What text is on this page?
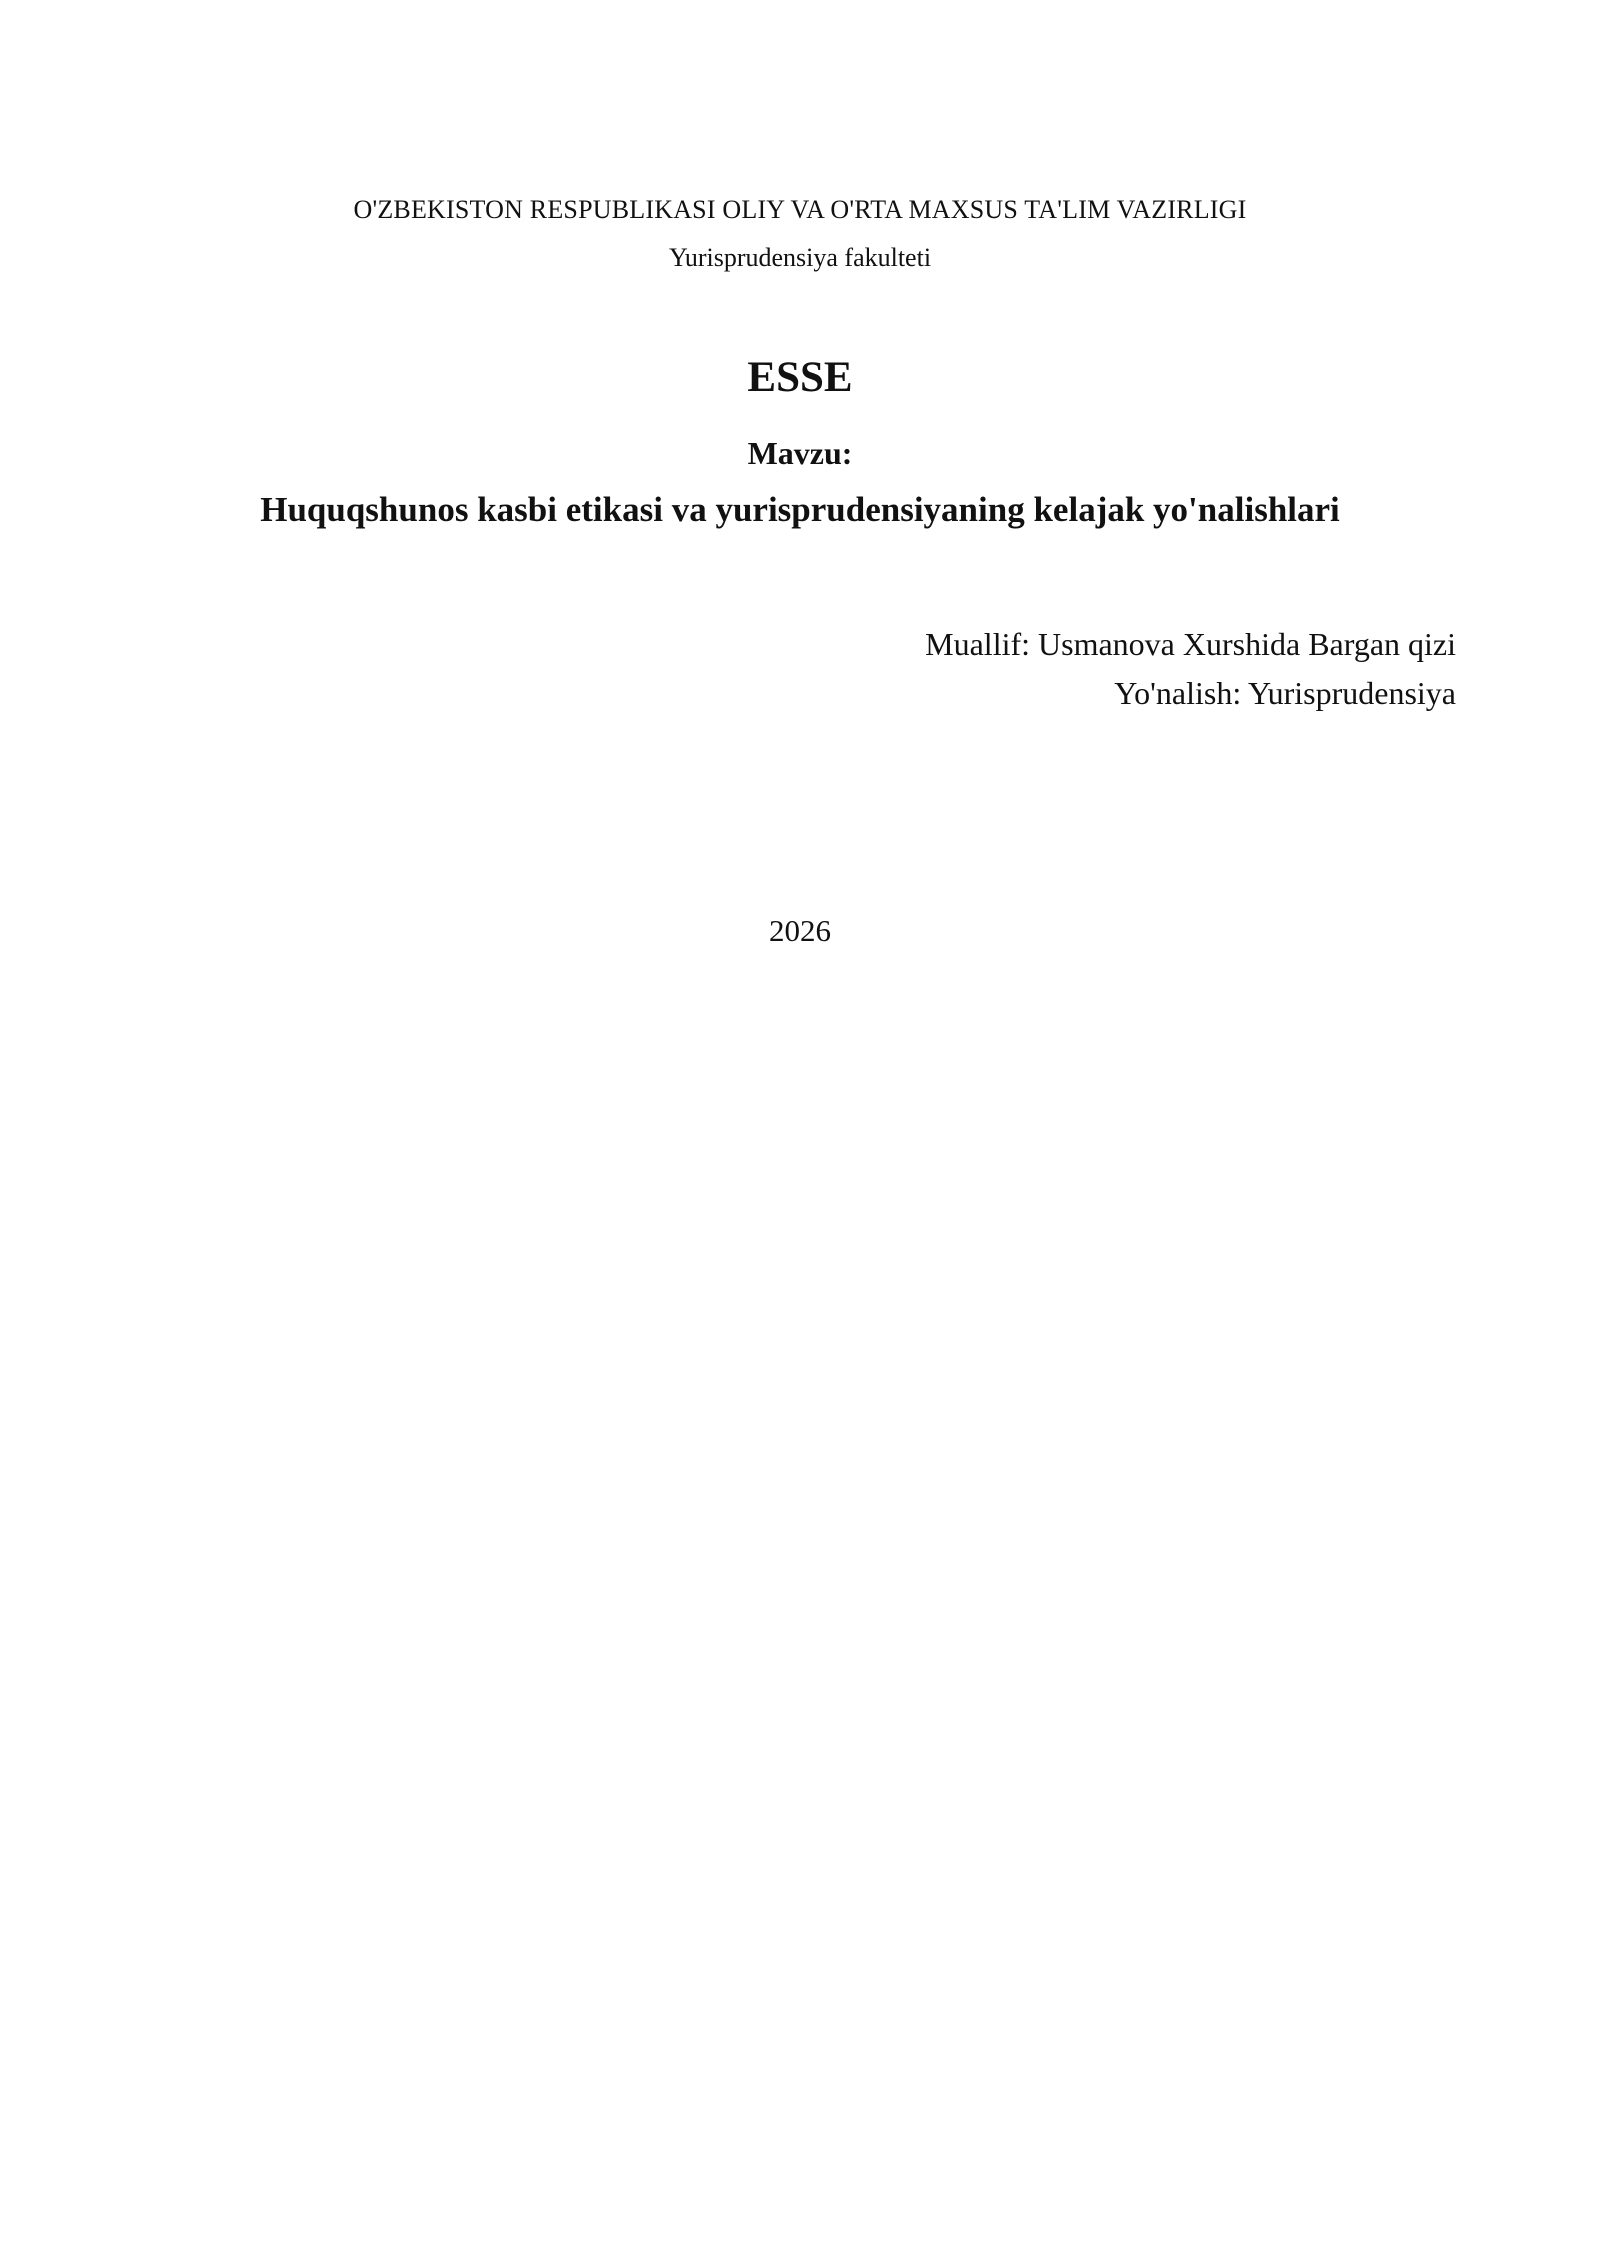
O'ZBEKISTON RESPUBLIKASI OLIY VA O'RTA MAXSUS TA'LIM VAZIRLIGI
Yurisprudensiya fakulteti
ESSE
Mavzu:
Huquqshunos kasbi etikasi va yurisprudensiyaning kelajak yo'nalishlari
Muallif: Usmanova Xurshida Bargan qizi
Yo'nalish: Yurisprudensiya
2026
